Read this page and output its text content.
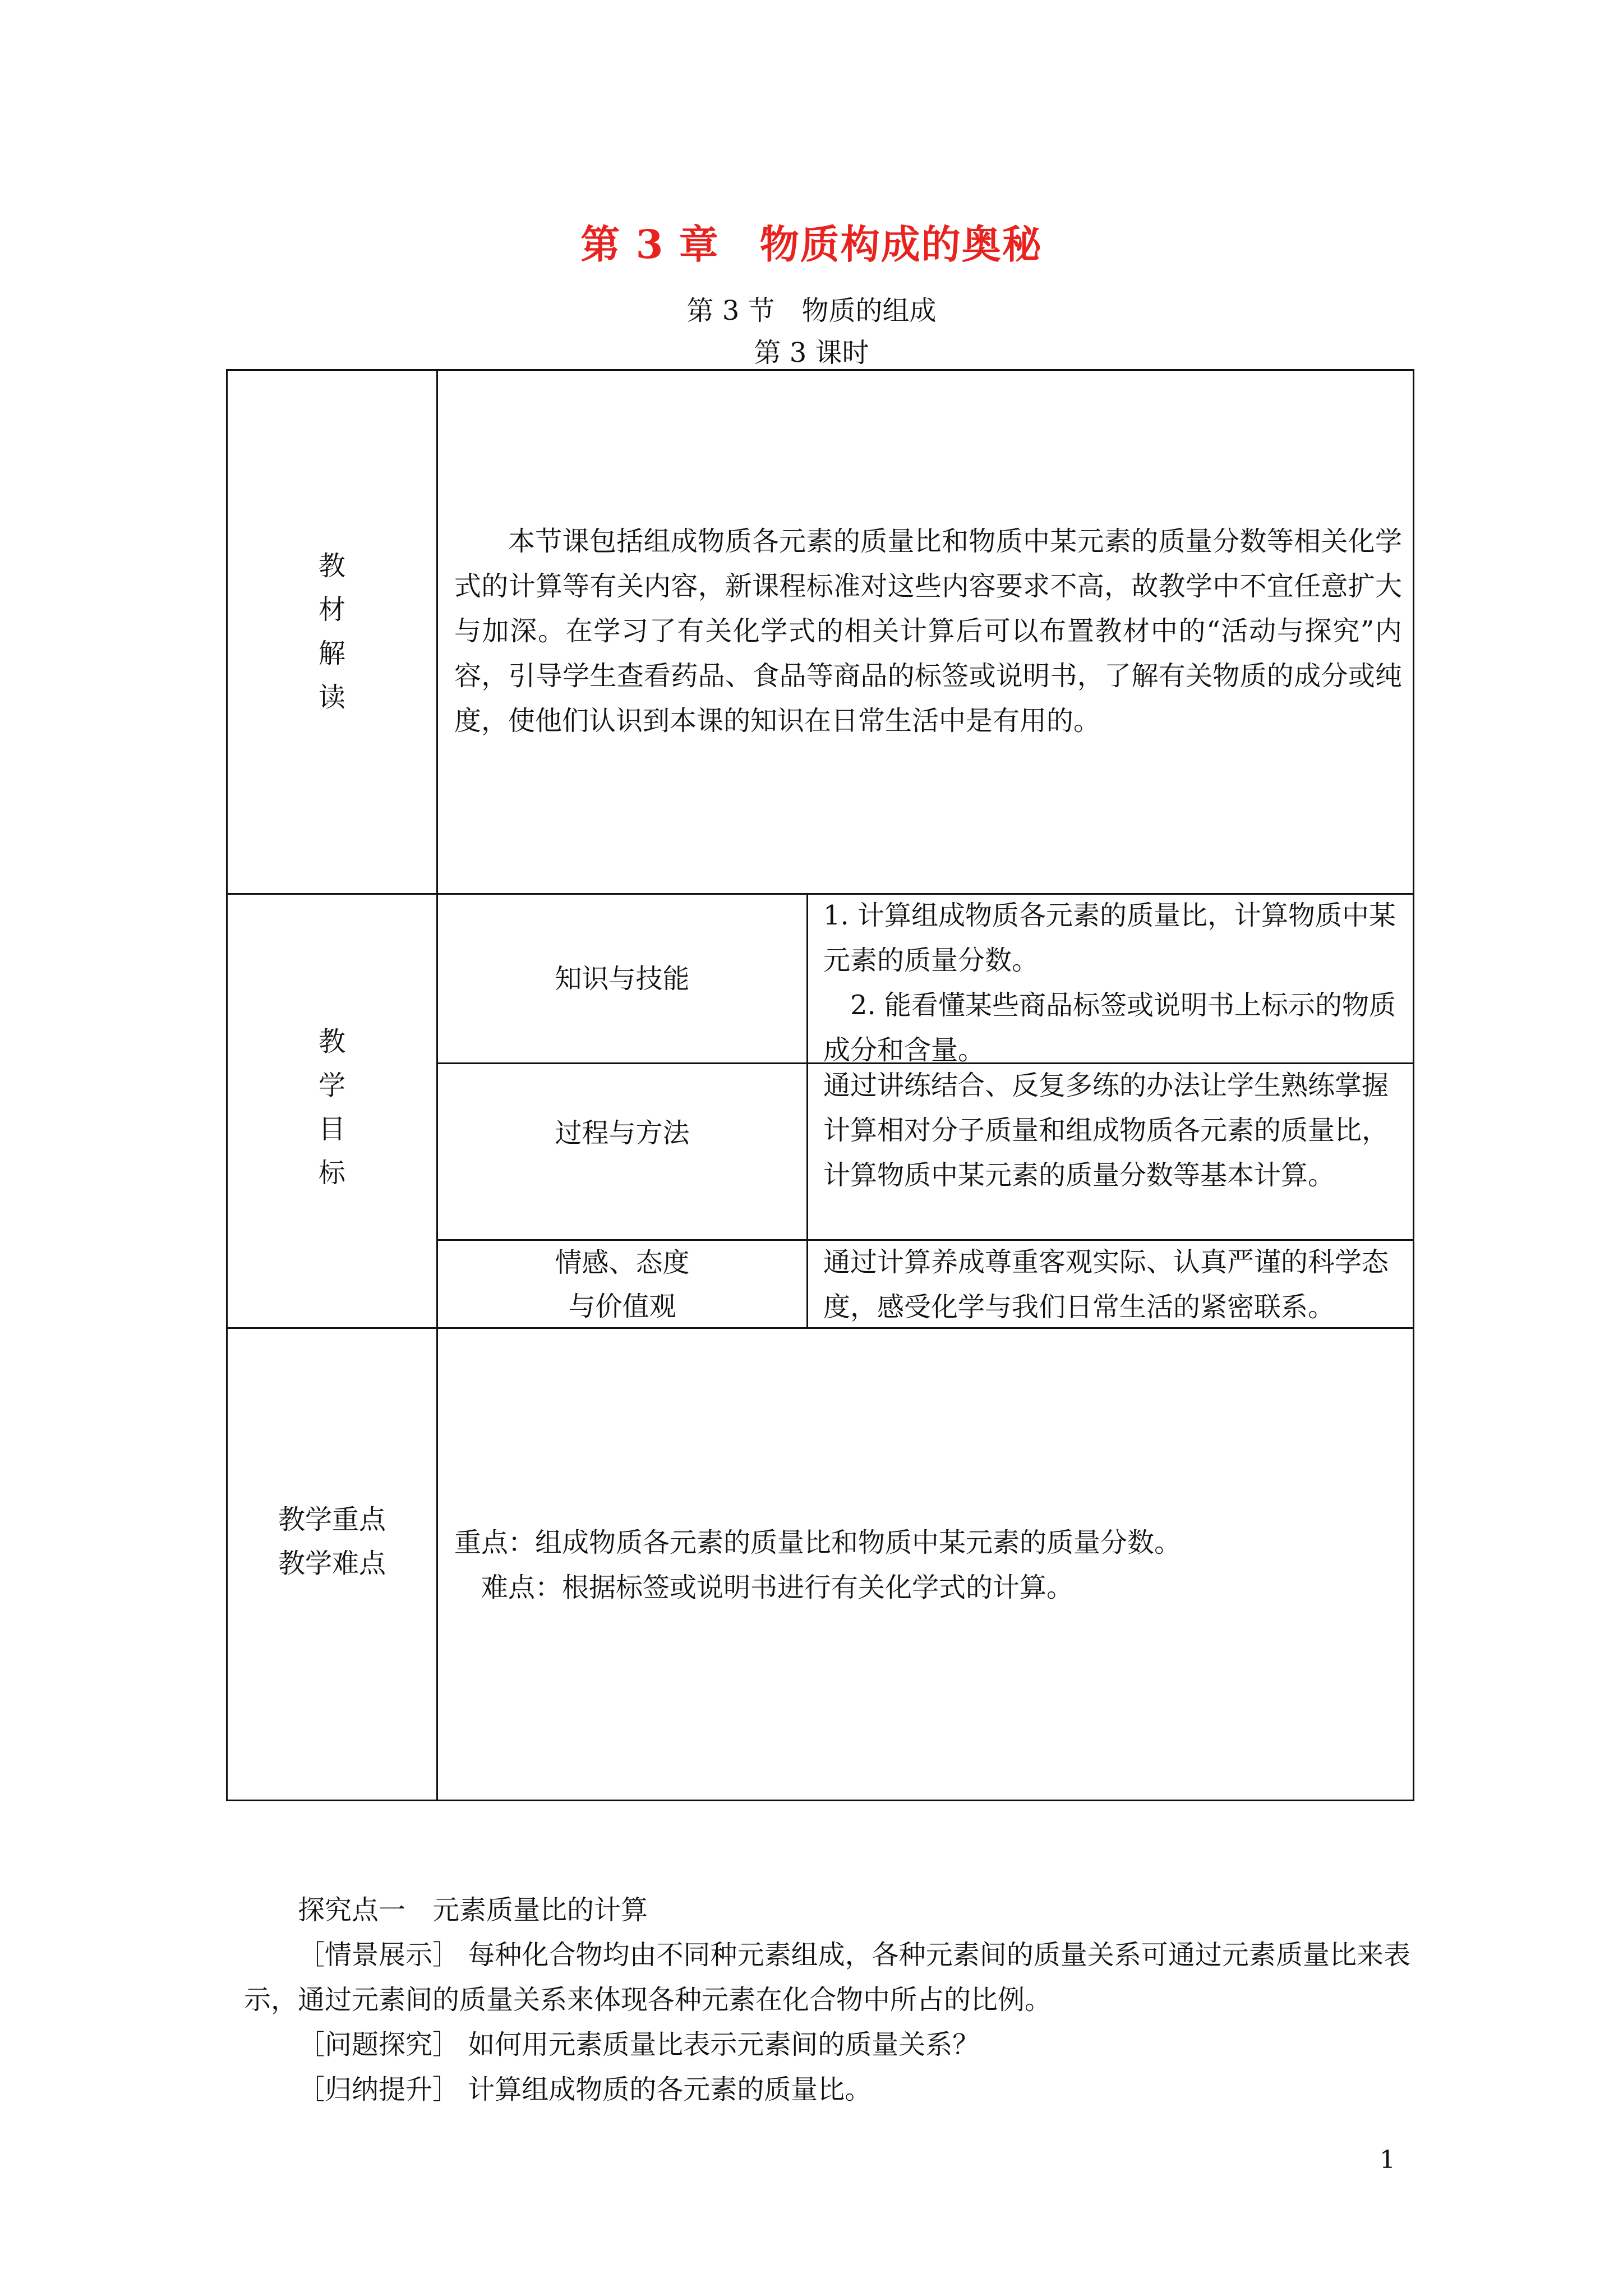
第 3 章　物质构成的奥秘
第 3 节　物质的组成
第 3 课时
教
材
解
读
本节课包括组成物质各元素的质量比和物质中某元素的质量分数等相关化学式的计算等有关内容，新课程标准对这些内容要求不高，故教学中不宜任意扩大与加深。在学习了有关化学式的相关计算后可以布置教材中的“活动与探究”内容，引导学生查看药品、食品等商品的标签或说明书，了解有关物质的成分或纯度，使他们认识到本课的知识在日常生活中是有用的。
教
学
目
标
知识与技能
1. 计算组成物质各元素的质量比，计算物质中某元素的质量分数。
2. 能看懂某些商品标签或说明书上标示的物质成分和含量。
过程与方法
通过讲练结合、反复多练的办法让学生熟练掌握计算相对分子质量和组成物质各元素的质量比，计算物质中某元素的质量分数等基本计算。
情感、态度
与价值观
通过计算养成尊重客观实际、认真严谨的科学态度，感受化学与我们日常生活的紧密联系。
教学重点
教学难点
重点：组成物质各元素的质量比和物质中某元素的质量分数。
难点：根据标签或说明书进行有关化学式的计算。
探究点一　元素质量比的计算
［情景展示］ 每种化合物均由不同种元素组成，各种元素间的质量关系可通过元素质量比来表示，通过元素间的质量关系来体现各种元素在化合物中所占的比例。
［问题探究］ 如何用元素质量比表示元素间的质量关系？
［归纳提升］ 计算组成物质的各元素的质量比。
1
